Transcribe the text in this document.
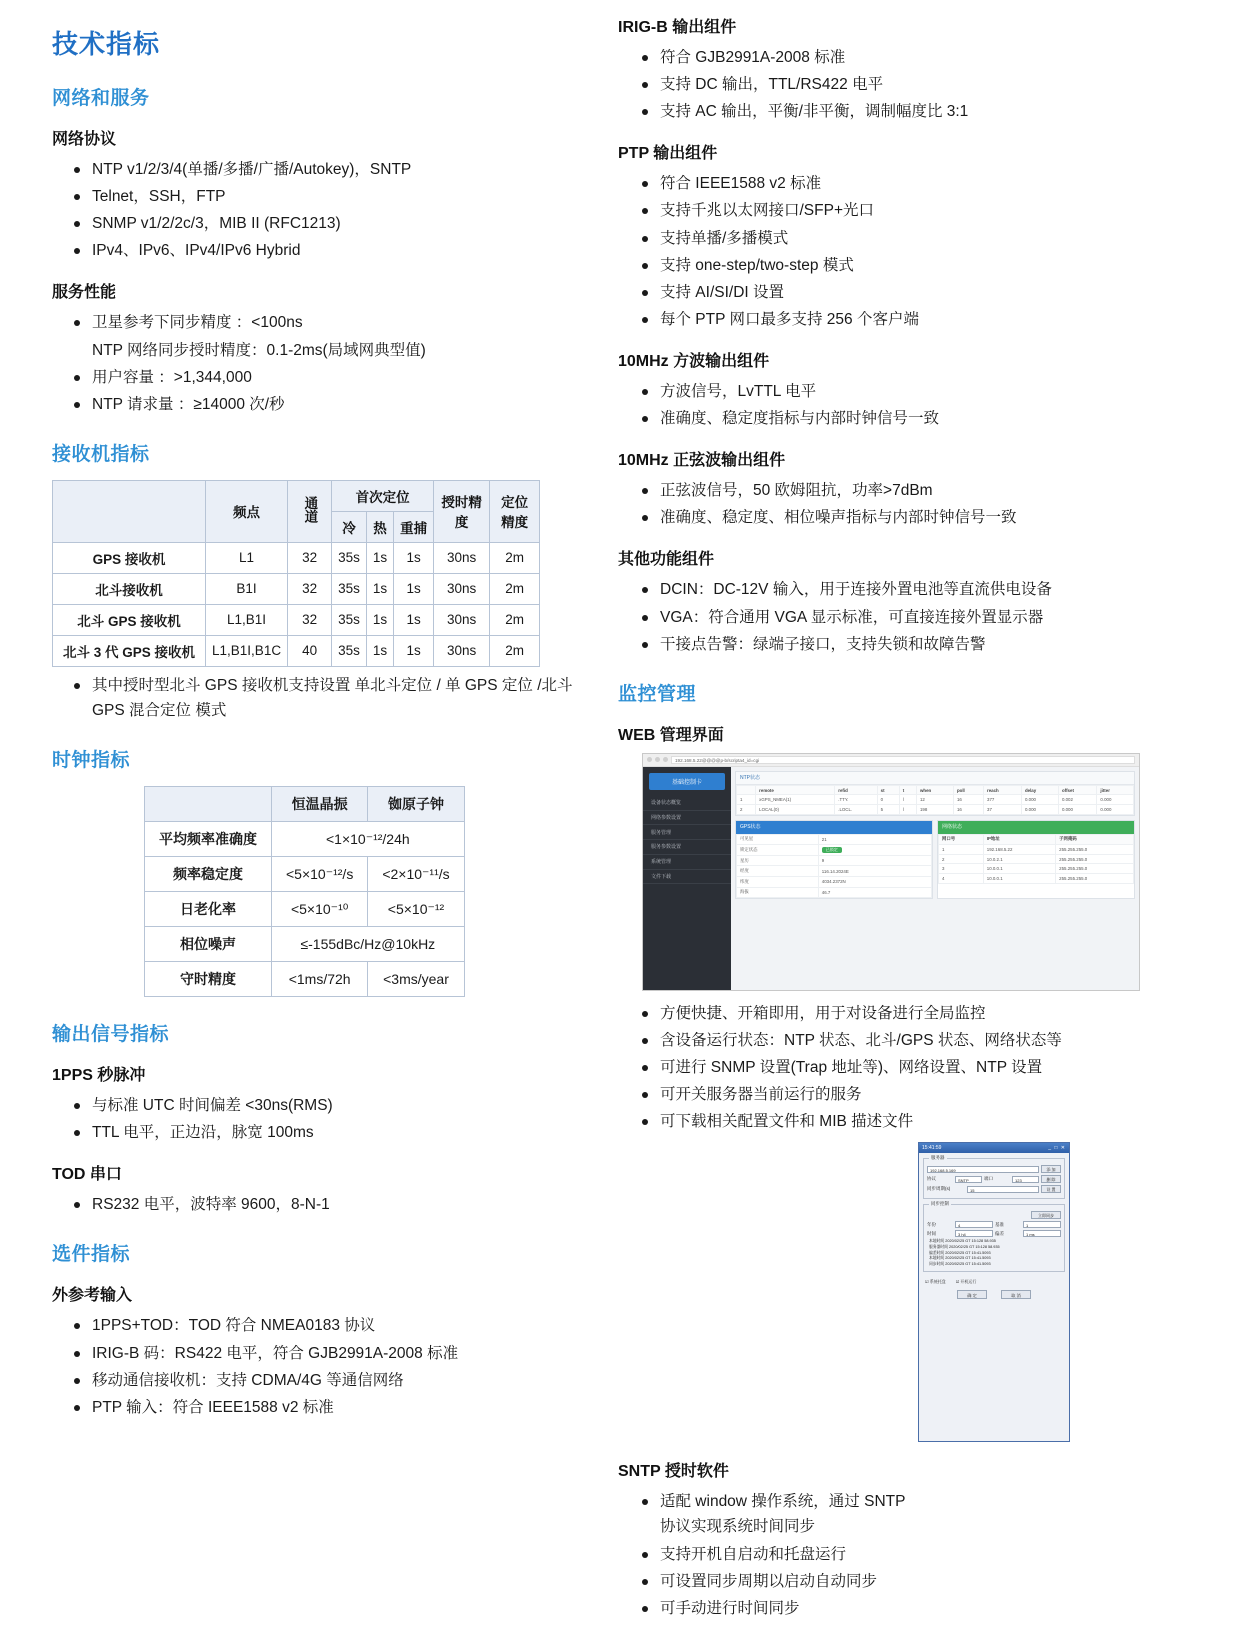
技术指标
网络和服务
网络协议
NTP v1/2/3/4(单播/多播/广播/Autokey)，SNTP
Telnet，SSH，FTP
SNMP v1/2/2c/3，MIB II (RFC1213)
IPv4、IPv6、IPv4/IPv6 Hybrid
服务性能
卫星参考下同步精度 ：<100ns
NTP 网络同步授时精度：0.1-2ms(局域网典型值)
用户容量 ：>1,344,000
NTP 请求量 ：≥14000 次/秒
接收机指标
	频点	通道	首次定位			授时精度	定位精度
			冷	热	重捕		
GPS 接收机	L1	32	35s	1s	1s	30ns	2m
北斗接收机	B1I	32	35s	1s	1s	30ns	2m
北斗 GPS 接收机	L1,B1I	32	35s	1s	1s	30ns	2m
北斗 3 代 GPS 接收机	L1,B1I,B1C	40	35s	1s	1s	30ns	2m
其中授时型北斗 GPS 接收机支持设置 单北斗定位 / 单 GPS 定位 /北斗 GPS 混合定位 模式
时钟指标
	恒温晶振	铷原子钟
平均频率准确度	<1×10⁻¹²/24h	
频率稳定度	<5×10⁻¹²/s	<2×10⁻¹¹/s
日老化率	<5×10⁻¹⁰	<5×10⁻¹²
相位噪声	≤-155dBc/Hz@10kHz	
守时精度	<1ms/72h	<3ms/year
输出信号指标
1PPS 秒脉冲
与标准 UTC 时间偏差 <30ns(RMS)
TTL 电平，正边沿，脉宽 100ms
TOD 串口
RS232 电平，波特率 9600，8-N-1
选件指标
外参考输入
1PPS+TOD：TOD 符合 NMEA0183 协议
IRIG-B 码：RS422 电平，符合 GJB2991A-2008 标准
移动通信接收机：支持 CDMA/4G 等通信网络
PTP 输入：符合 IEEE1588 v2 标准
IRIG-B 输出组件
符合 GJB2991A-2008 标准
支持 DC 输出，TTL/RS422 电平
支持 AC 输出，平衡/非平衡，调制幅度比 3:1
PTP 输出组件
符合 IEEE1588 v2 标准
支持千兆以太网接口/SFP+光口
支持单播/多播模式
支持 one-step/two-step 模式
支持 AI/SI/DI 设置
每个 PTP 网口最多支持 256 个客户端
10MHz 方波输出组件
方波信号，LvTTL 电平
准确度、稳定度指标与内部时钟信号一致
10MHz 正弦波输出组件
正弦波信号，50 欧姆阻抗，功率>7dBm
准确度、稳定度、相位噪声指标与内部时钟信号一致
其他功能组件
DCIN：DC-12V 输入，用于连接外置电池等直流供电设备
VGA：符合通用 VGA 显示标准，可直接连接外置显示器
干接点告警：绿端子接口，支持失锁和故障告警
监控管理
WEB 管理界面
192.168.5.22@@@@p-b/scripta4_id=cgi
基础控制卡
设备状态概览
网络参数设置
服务管理
服务参数设置
系统管理
文件下载
NTP状态
	remote	refid	st	t	when	poll	reach	delay	offset	jitter
1	xGPS_NMEA(1)	.TTY.	0	l	12	16	377	0.000	0.002	0.000
2	LOCAL(0)	.LOCL.	5	l	198	16	37	0.000	0.000	0.000
GPS状态
可见星	21
锁定状态	已锁定
星历	9
经度	116.14.2024E
纬度	4034.2372N
海拔	46.7
网络状态
网口号	IP地址	子网掩码
1	192.168.5.22	255.255.255.0
2	10.0.2.1	255.255.255.0
3	10.0.0.1	255.255.255.0
4	10.0.0.1	255.255.255.0
方便快捷、开箱即用，用于对设备进行全局监控
含设备运行状态：NTP 状态、北斗/GPS 状态、网络状态等
可进行 SNMP 设置(Trap 地址等)、网络设置、NTP 设置
可开关服务器当前运行的服务
可下载相关配置文件和 MIB 描述文件
15:41:59	_ □ ✕
服务器
192.168.5.169	添 加
协议	SNTP	端口	123	删 除
同步周期(s)	15	设 置
同步控制
立即同步
年份	4	基准	1
时间	3 h4	偏差	1 ms
本地时间 2020/02/25 GT 15:128 58.935
服务器时间 2020/02/25 GT 15:128 58.935
偏差时间 2020/02/25 GT 15:41.5093
本地时间 2020/02/25 GT 15:41.5093
同步时间 2020/02/25 GT 15:41.5093
☑ 系统托盘	☑ 开机运行
确 定	取 消
SNTP 授时软件
适配 window 操作系统，通过 SNTP 协议实现系统时间同步
支持开机自启动和托盘运行
可设置同步周期以启动自动同步
可手动进行时间同步
